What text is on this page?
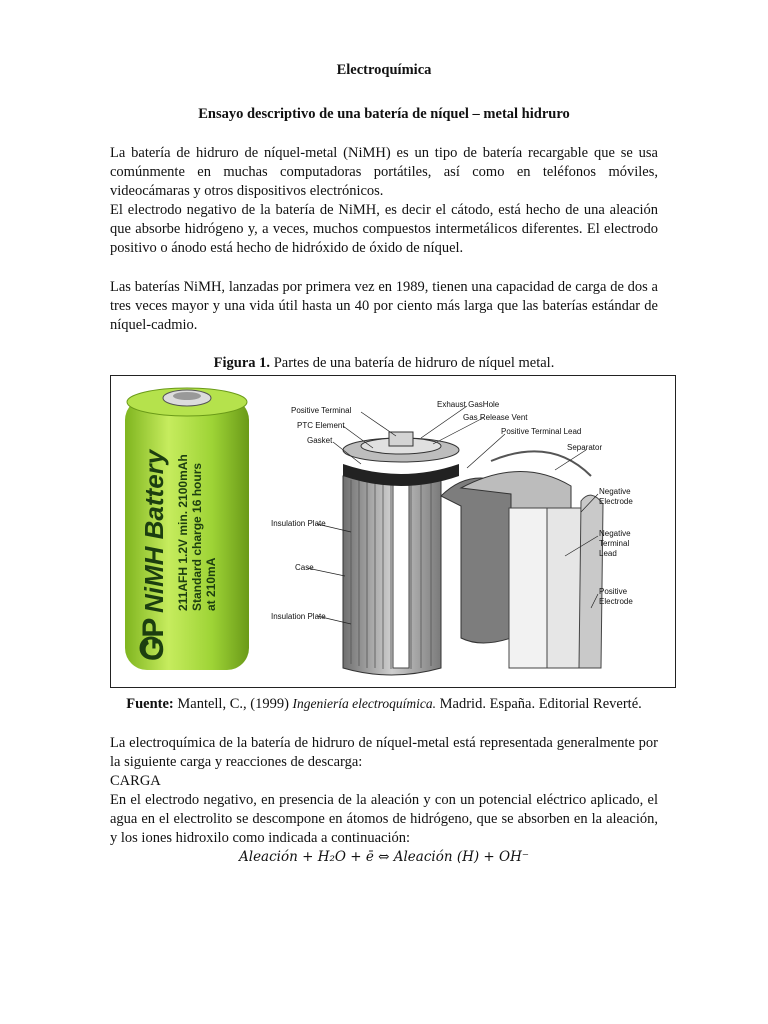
Electroquímica
Ensayo descriptivo de una batería de níquel – metal hidruro

La batería de hidruro de níquel-metal (NiMH) es un tipo de batería recargable que se usa comúnmente en muchas computadoras portátiles, así como en teléfonos móviles, videocámaras y otros dispositivos electrónicos.

El electrodo negativo de la batería de NiMH, es decir el cátodo, está hecho de una aleación que absorbe hidrógeno y, a veces, muchos compuestos intermetálicos diferentes. El electrodo positivo o ánodo está hecho de hidróxido de óxido de níquel.

Las baterías NiMH, lanzadas por primera vez en 1989, tienen una capacidad de carga de dos a tres veces mayor y una vida útil hasta un 40 por ciento más larga que las baterías estándar de níquel-cadmio.

Figura 1. Partes de una batería de hidruro de níquel metal.
GP
NiMH Battery 211AFH 1.2V min. 2100mAh Standard charge 16 hours at 210mA
Positive Terminal
PTC Element
Gasket
Exhaust GasHole
Gas Release Vent
Positive Terminal Lead
Separator
Negative
Electrode
Negative
Terminal
Lead
Positive
Electrode
Insulation Plate
Case
Insulation Plate
Fuente: Mantell, C., (1999) Ingeniería electroquímica. Madrid. España. Editorial Reverté.

La electroquímica de la batería de hidruro de níquel-metal está representada generalmente por la siguiente carga y reacciones de descarga:

CARGA

En el electrodo negativo, en presencia de la aleación y con un potencial eléctrico aplicado, el agua en el electrolito se descompone en átomos de hidrógeno, que se absorben en la aleación, y los iones hidroxilo como indicada a continuación:

Aleación + H₂O + ē ⇔ Aleación (H) + OH⁻
